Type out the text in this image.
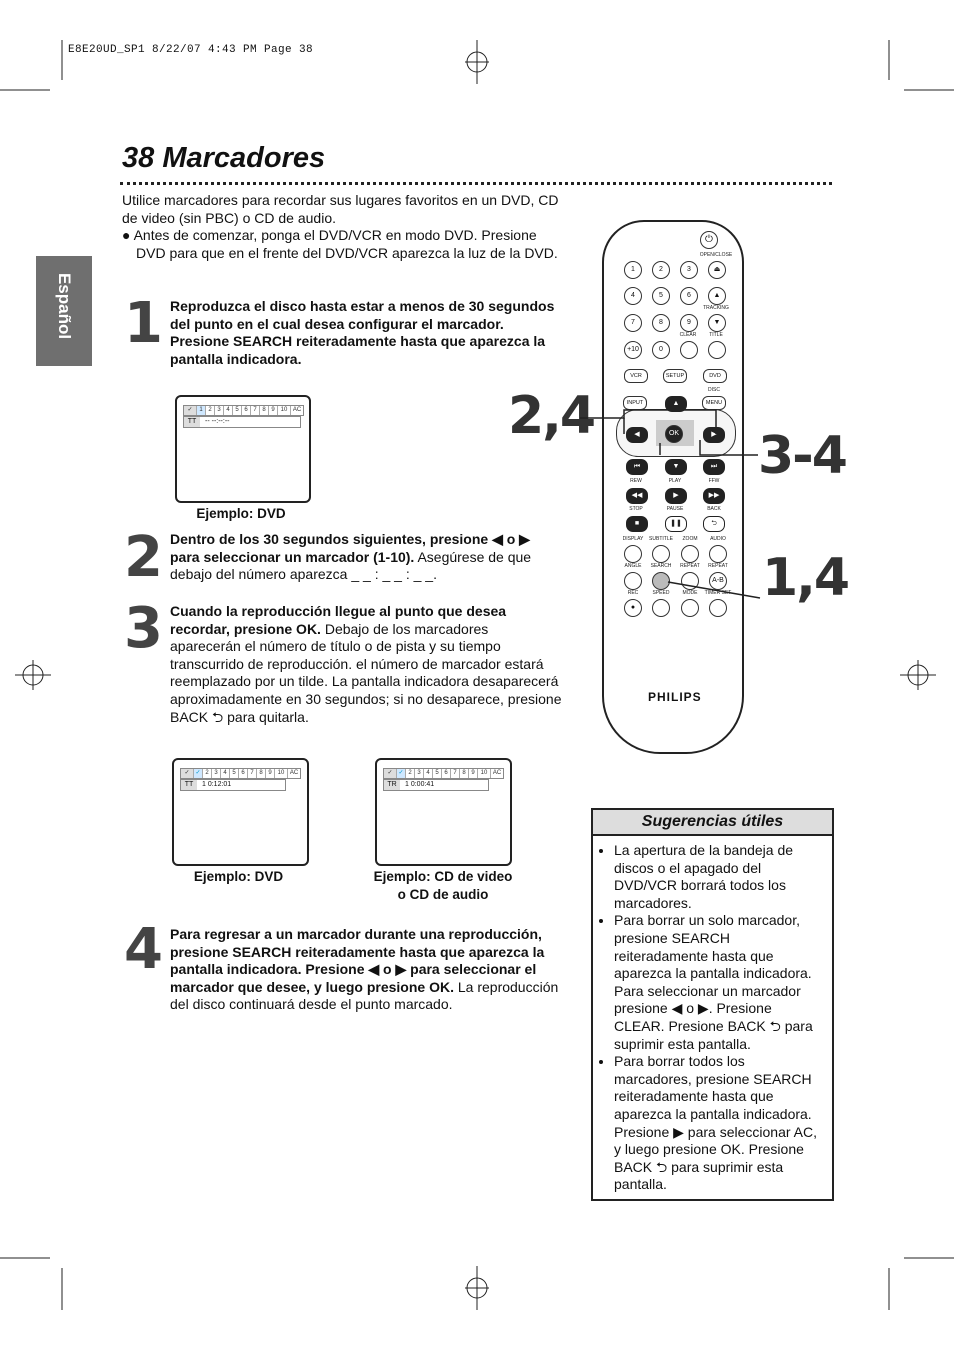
E8E20UD_SP1 8/22/07 4:43 PM Page 38
38 Marcadores
Español
Utilice marcadores para recordar sus lugares favoritos en un DVD, CD de video (sin PBC) o CD de audio.
● Antes de comenzar, ponga el DVD/VCR en modo DVD. Presione DVD para que en el frente del DVD/VCR aparezca la luz de la DVD.
1 Reproduzca el disco hasta estar a menos de 30 segundos del punto en el cual desea configurar el marcador. Presione SEARCH reiteradamente hasta que aparezca la pantalla indicadora.
✓	1 2 3 4 5 6 7 8 9 10 AC
TT -- --:--:--
Ejemplo: DVD
2 Dentro de los 30 segundos siguientes, presione ◀ o ▶ para seleccionar un marcador (1-10). Asegúrese de que debajo del número aparezca _ _ : _ _ : _ _.
3 Cuando la reproducción llegue al punto que desea recordar, presione OK. Debajo de los marcadores aparecerán el número de título o de pista y su tiempo transcurrido de reproducción. el número de marcador estará reemplazado por un tilde. La pantalla indicadora desaparecerá aproximadamente en 30 segundos; si no desaparece, presione BACK ⮌ para quitarla.
✓ ✓ 2 3 4 5 6 7 8 9 10 AC
TT 1 0:12:01
Ejemplo: DVD
✓ ✓ 2 3 4 5 6 7 8 9 10 AC
TR 1 0:00:41
Ejemplo: CD de video
o CD de audio
4 Para regresar a un marcador durante una reproducción, presione SEARCH reiteradamente hasta que aparezca la pantalla indicadora. Presione ◀ o ▶ para seleccionar el marcador que desee, y luego presione OK. La reproducción del disco continuará desde el punto marcado.
⏻
OPEN/CLOSE
1	2	3	⏏
4	5	6	▲
TRACKING
7	8	9	▼
CLEAR	TITLE
+10	0
VCR	SETUP	DVD
DISC
INPUT	MENU
▲
◀	▶
OK
▼
⏮	⏭
REW	PLAY	FFW
◀◀	▶	▶▶
STOP	PAUSE	BACK
■	❚❚	⮌
DISPLAY	SUBTITLE	ZOOM	AUDIO
ANGLE	SEARCH	REPEAT	REPEAT
A-B
REC	SPEED	MODE	TIMER SET
●
PHILIPS
2,4
3-4
1,4
Sugerencias útiles
• La apertura de la bandeja de discos o el apagado del DVD/VCR borrará todos los marcadores.
• Para borrar un solo marcador, presione SEARCH reiteradamente hasta que aparezca la pantalla indicadora. Para seleccionar un marcador presione ◀ o ▶. Presione CLEAR. Presione BACK ⮌ para suprimir esta pantalla.
• Para borrar todos los marcadores, presione SEARCH reiteradamente hasta que aparezca la pantalla indicadora. Presione ▶ para seleccionar AC, y luego presione OK. Presione BACK ⮌ para suprimir esta pantalla.
